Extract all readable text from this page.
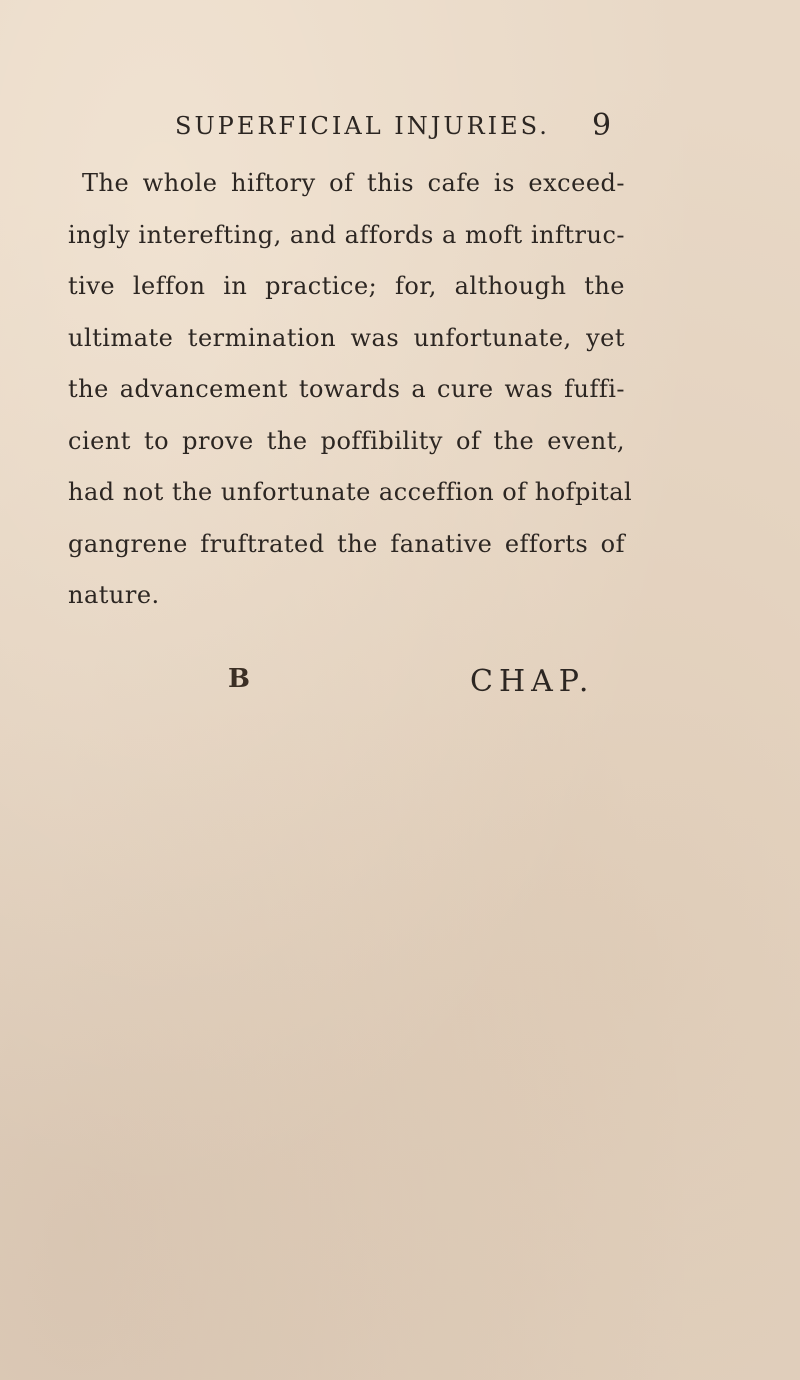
SUPERFICIAL INJURIES.	9
The whole hiftory of this cafe is exceed-
ingly interefting, and affords a moft inftruc-
tive leffon in practice; for, although the
ultimate termination was unfortunate, yet
the advancement towards a cure was fuffi-
cient to prove the poffibility of the event,
had not the unfortunate acceffion of hofpital
gangrene fruftrated the fanative efforts of
nature.
B	CHAP.
